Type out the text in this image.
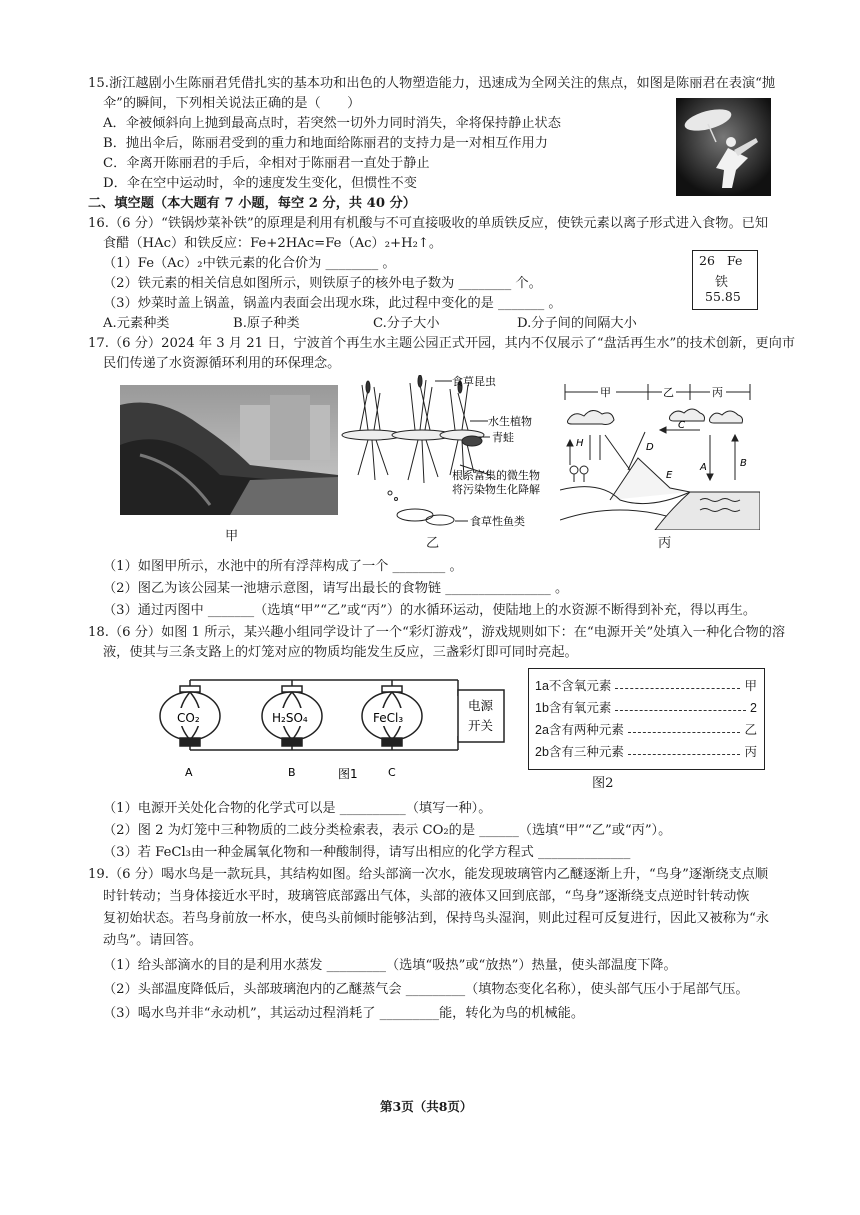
15.浙江越剧小生陈丽君凭借扎实的基本功和出色的人物塑造能力，迅速成为全网关注的焦点，如图是陈丽君在表演“抛
伞”的瞬间，下列相关说法正确的是（　　）
A．伞被倾斜向上抛到最高点时，若突然一切外力同时消失，伞将保持静止状态
B．抛出伞后，陈丽君受到的重力和地面给陈丽君的支持力是一对相互作用力
C．伞离开陈丽君的手后，伞相对于陈丽君一直处于静止
D．伞在空中运动时，伞的速度发生变化，但惯性不变
二、填空题（本大题有 7 小题，每空 2 分，共 40 分）
16.（6 分）“铁锅炒菜补铁”的原理是利用有机酸与不可直接吸收的单质铁反应，使铁元素以离子形式进入食物。已知
食醋（HAc）和铁反应：Fe+2HAc=Fe（Ac）₂+H₂↑。
（1）Fe（Ac）₂中铁元素的化合价为 ________ 。
（2）铁元素的相关信息如图所示，则铁原子的核外电子数为 ________ 个。
（3）炒菜时盖上锅盖，锅盖内表面会出现水珠，此过程中变化的是 _______ 。
A.元素种类	B.原子种类	C.分子大小	D.分子间的间隔大小
26 Fe
铁
55.85
17.（6 分）2024 年 3 月 21 日，宁波首个再生水主题公园正式开园，其内不仅展示了“盘活再生水”的技术创新，更向市
民们传递了水资源循环利用的环保理念。
甲
食草昆虫
水生植物
青蛙
根系富集的微生物
将污染物生化降解
食草性鱼类
乙
甲	乙	丙
A	B
C
D
E
H
丙
（1）如图甲所示，水池中的所有浮萍构成了一个 ________ 。
（2）图乙为该公园某一池塘示意图，请写出最长的食物链 ________________ 。
（3）通过丙图中 _______（选填“甲”“乙”或“丙”）的水循环运动，使陆地上的水资源不断得到补充，得以再生。
18.（6 分）如图 1 所示，某兴趣小组同学设计了一个“彩灯游戏”，游戏规则如下：在“电源开关”处填入一种化合物的溶
液，使其与三条支路上的灯笼对应的物质均能发生反应，三盏彩灯即可同时亮起。
CO₂	H₂SO₄	FeCl₃
电源
开关
A	B	图1	C
1a不含氧元素	甲
1b含有氧元素	2
2a含有两种元素	乙
2b含有三种元素	丙
图2
（1）电源开关处化合物的化学式可以是 __________（填写一种）。
（2）图 2 为灯笼中三种物质的二歧分类检索表，表示 CO₂的是 ______（选填“甲”“乙”或“丙”）。
（3）若 FeCl₃由一种金属氧化物和一种酸制得，请写出相应的化学方程式 ______________
19.（6 分）喝水鸟是一款玩具，其结构如图。给头部滴一次水，能发现玻璃管内乙醚逐渐上升，“鸟身”逐渐绕支点顺
时针转动；当身体接近水平时，玻璃管底部露出气体，头部的液体又回到底部，“鸟身”逐渐绕支点逆时针转动恢
复初始状态。若鸟身前放一杯水，使鸟头前倾时能够沾到，保持鸟头湿润，则此过程可反复进行，因此又被称为“永
动鸟”。请回答。
（1）给头部滴水的目的是利用水蒸发 _________（选填“吸热”或“放热”）热量，使头部温度下降。
（2）头部温度降低后，头部玻璃泡内的乙醚蒸气会 _________（填物态变化名称），使头部气压小于尾部气压。
（3）喝水鸟并非“永动机”，其运动过程消耗了 _________能，转化为鸟的机械能。
第3页（共8页）
